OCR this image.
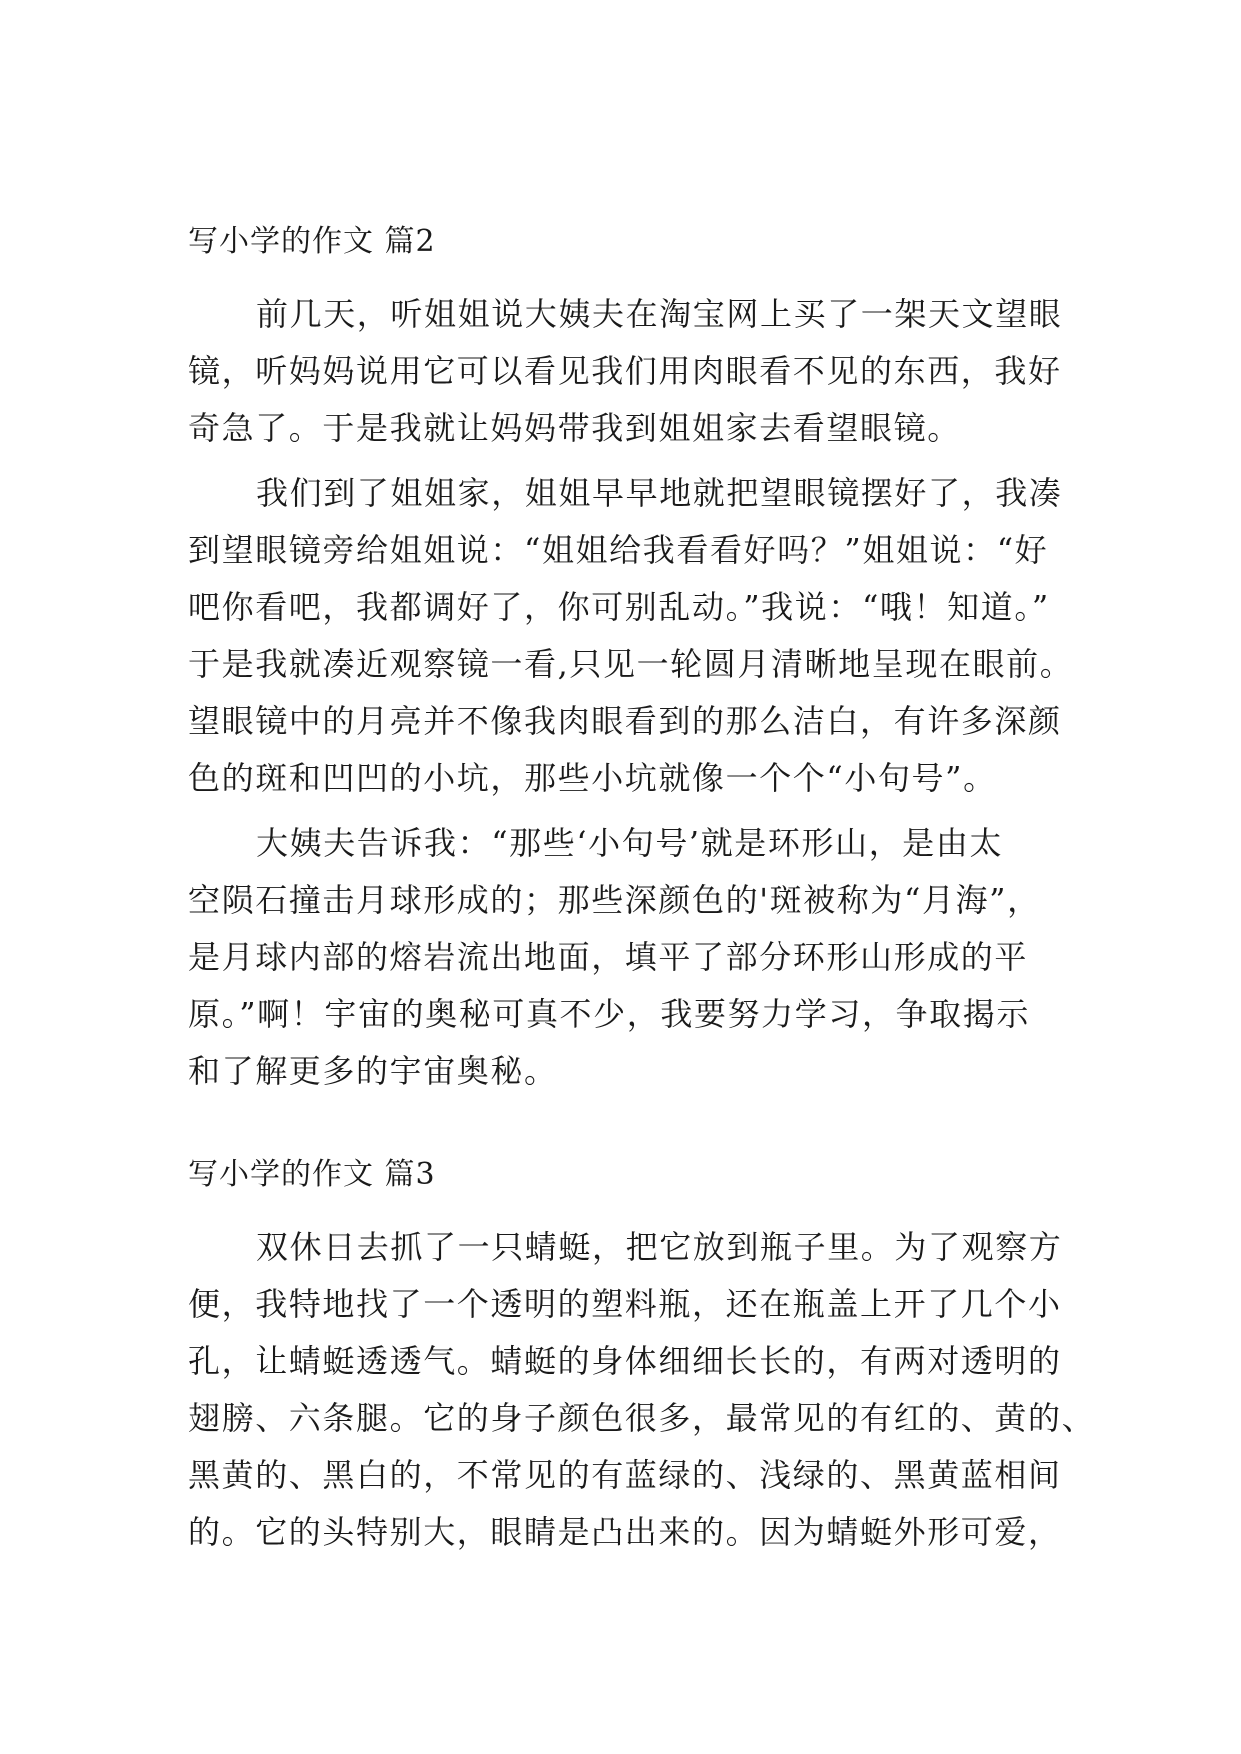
写小学的作文 篇2

前几天，听姐姐说大姨夫在淘宝网上买了一架天文望眼
镜，听妈妈说用它可以看见我们用肉眼看不见的东西，我好
奇急了。于是我就让妈妈带我到姐姐家去看望眼镜。

我们到了姐姐家，姐姐早早地就把望眼镜摆好了，我凑
到望眼镜旁给姐姐说：“姐姐给我看看好吗？”姐姐说：“好
吧你看吧，我都调好了，你可别乱动。”我说：“哦！知道。”
于是我就凑近观察镜一看,只见一轮圆月清晰地呈现在眼前。
望眼镜中的月亮并不像我肉眼看到的那么洁白，有许多深颜
色的斑和凹凹的小坑，那些小坑就像一个个“小句号”。

大姨夫告诉我：“那些‘小句号’就是环形山，是由太
空陨石撞击月球形成的；那些深颜色的'斑被称为“月海”，
是月球内部的熔岩流出地面，填平了部分环形山形成的平
原。”啊！宇宙的奥秘可真不少，我要努力学习，争取揭示
和了解更多的宇宙奥秘。

写小学的作文 篇3

双休日去抓了一只蜻蜓，把它放到瓶子里。为了观察方
便，我特地找了一个透明的塑料瓶，还在瓶盖上开了几个小
孔，让蜻蜓透透气。蜻蜓的身体细细长长的，有两对透明的
翅膀、六条腿。它的身子颜色很多，最常见的有红的、黄的、
黑黄的、黑白的，不常见的有蓝绿的、浅绿的、黑黄蓝相间
的。它的头特别大，眼睛是凸出来的。因为蜻蜓外形可爱，
